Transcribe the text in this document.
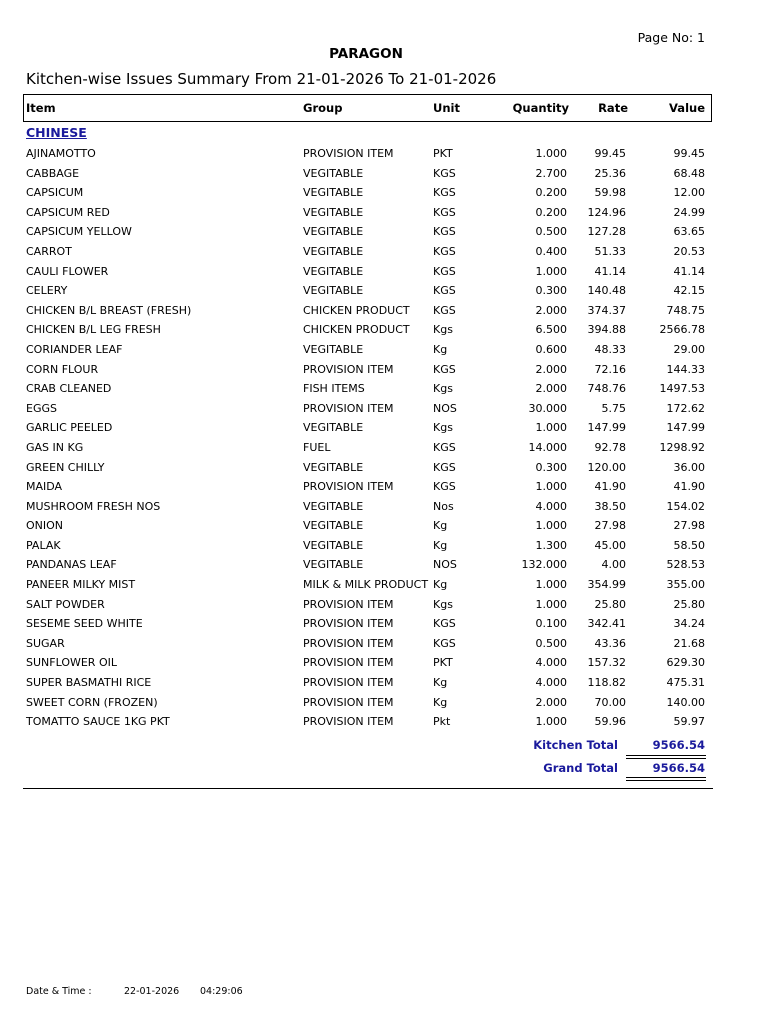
Page No: 1
PARAGON
Kitchen-wise Issues Summary From 21-01-2026 To 21-01-2026
Item	Group	Unit	Quantity	Rate	Value
CHINESE
AJINAMOTTO	PROVISION ITEM	PKT	1.000	99.45	99.45
CABBAGE	VEGITABLE	KGS	2.700	25.36	68.48
CAPSICUM	VEGITABLE	KGS	0.200	59.98	12.00
CAPSICUM RED	VEGITABLE	KGS	0.200 124.96	24.99
CAPSICUM YELLOW	VEGITABLE	KGS	0.500 127.28	63.65
CARROT	VEGITABLE	KGS	0.400	51.33	20.53
CAULI FLOWER	VEGITABLE	KGS	1.000	41.14	41.14
CELERY	VEGITABLE	KGS	0.300 140.48	42.15
CHICKEN B/L BREAST (FRESH)	CHICKEN PRODUCT KGS	2.000 374.37	748.75
CHICKEN B/L LEG FRESH	CHICKEN PRODUCT Kgs	6.500 394.88	2566.78
CORIANDER LEAF	VEGITABLE	Kg	0.600	48.33	29.00
CORN FLOUR	PROVISION ITEM	KGS	2.000	72.16	144.33
CRAB CLEANED	FISH ITEMS	Kgs	2.000 748.76	1497.53
EGGS	PROVISION ITEM	NOS	30.000	5.75	172.62
GARLIC PEELED	VEGITABLE	Kgs	1.000 147.99	147.99
GAS IN KG	FUEL	KGS	14.000	92.78	1298.92
GREEN CHILLY	VEGITABLE	KGS	0.300 120.00	36.00
MAIDA	PROVISION ITEM	KGS	1.000	41.90	41.90
MUSHROOM FRESH NOS	VEGITABLE	Nos	4.000	38.50	154.02
ONION	VEGITABLE	Kg	1.000	27.98	27.98
PALAK	VEGITABLE	Kg	1.300	45.00	58.50
PANDANAS LEAF	VEGITABLE	NOS	132.000	4.00	528.53
PANEER MILKY MIST	MILK & MILK PRODUCT Kg	1.000 354.99	355.00
SALT POWDER	PROVISION ITEM	Kgs	1.000	25.80	25.80
SESEME SEED WHITE	PROVISION ITEM	KGS	0.100 342.41	34.24
SUGAR	PROVISION ITEM	KGS	0.500	43.36	21.68
SUNFLOWER OIL	PROVISION ITEM	PKT	4.000 157.32	629.30
SUPER BASMATHI RICE	PROVISION ITEM	Kg	4.000 118.82	475.31
SWEET CORN (FROZEN)	PROVISION ITEM	Kg	2.000	70.00	140.00
TOMATTO SAUCE 1KG PKT	PROVISION ITEM	Pkt	1.000	59.96	59.97
Kitchen Total	9566.54
Grand Total	9566.54
Date & Time :	22-01-2026 04:29:06
